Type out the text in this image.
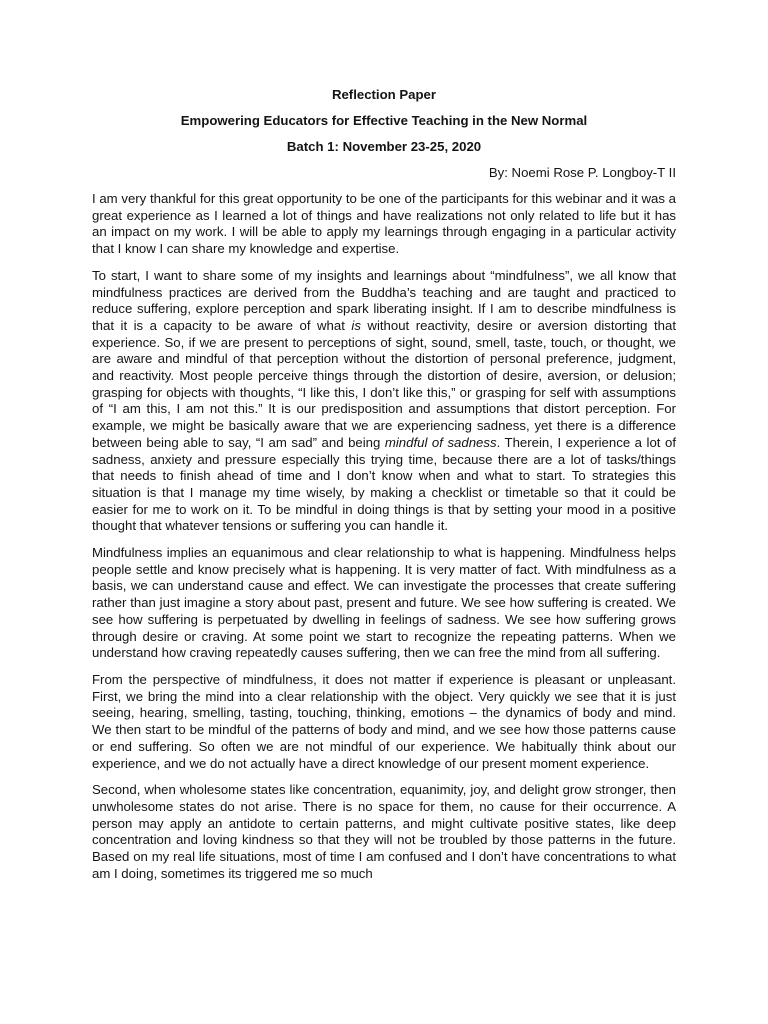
Reflection Paper

Empowering Educators for Effective Teaching in the New Normal

Batch 1: November 23-25, 2020

By: Noemi Rose P. Longboy-T II

I am very thankful for this great opportunity to be one of the participants for this webinar and it was a great experience as I learned a lot of things and have realizations not only related to life but it has an impact on my work. I will be able to apply my learnings through engaging in a particular activity that I know I can share my knowledge and expertise.

To start, I want to share some of my insights and learnings about “mindfulness”, we all know that mindfulness practices are derived from the Buddha’s teaching and are taught and practiced to reduce suffering, explore perception and spark liberating insight. If I am to describe mindfulness is that it is a capacity to be aware of what is without reactivity, desire or aversion distorting that experience. So, if we are present to perceptions of sight, sound, smell, taste, touch, or thought, we are aware and mindful of that perception without the distortion of personal preference, judgment, and reactivity. Most people perceive things through the distortion of desire, aversion, or delusion; grasping for objects with thoughts, “I like this, I don’t like this,” or grasping for self with assumptions of “I am this, I am not this.” It is our predisposition and assumptions that distort perception. For example, we might be basically aware that we are experiencing sadness, yet there is a difference between being able to say, “I am sad” and being mindful of sadness. Therein, I experience a lot of sadness, anxiety and pressure especially this trying time, because there are a lot of tasks/things that needs to finish ahead of time and I don’t know when and what to start. To strategies this situation is that I manage my time wisely, by making a checklist or timetable so that it could be easier for me to work on it. To be mindful in doing things is that by setting your mood in a positive thought that whatever tensions or suffering you can handle it.

Mindfulness implies an equanimous and clear relationship to what is happening. Mindfulness helps people settle and know precisely what is happening. It is very matter of fact. With mindfulness as a basis, we can understand cause and effect. We can investigate the processes that create suffering rather than just imagine a story about past, present and future. We see how suffering is created. We see how suffering is perpetuated by dwelling in feelings of sadness. We see how suffering grows through desire or craving. At some point we start to recognize the repeating patterns. When we understand how craving repeatedly causes suffering, then we can free the mind from all suffering.

From the perspective of mindfulness, it does not matter if experience is pleasant or unpleasant. First, we bring the mind into a clear relationship with the object. Very quickly we see that it is just seeing, hearing, smelling, tasting, touching, thinking, emotions – the dynamics of body and mind. We then start to be mindful of the patterns of body and mind, and we see how those patterns cause or end suffering. So often we are not mindful of our experience. We habitually think about our experience, and we do not actually have a direct knowledge of our present moment experience.

Second, when wholesome states like concentration, equanimity, joy, and delight grow stronger, then unwholesome states do not arise. There is no space for them, no cause for their occurrence. A person may apply an antidote to certain patterns, and might cultivate positive states, like deep concentration and loving kindness so that they will not be troubled by those patterns in the future. Based on my real life situations, most of time I am confused and I don’t have concentrations to what am I doing, sometimes its triggered me so much
